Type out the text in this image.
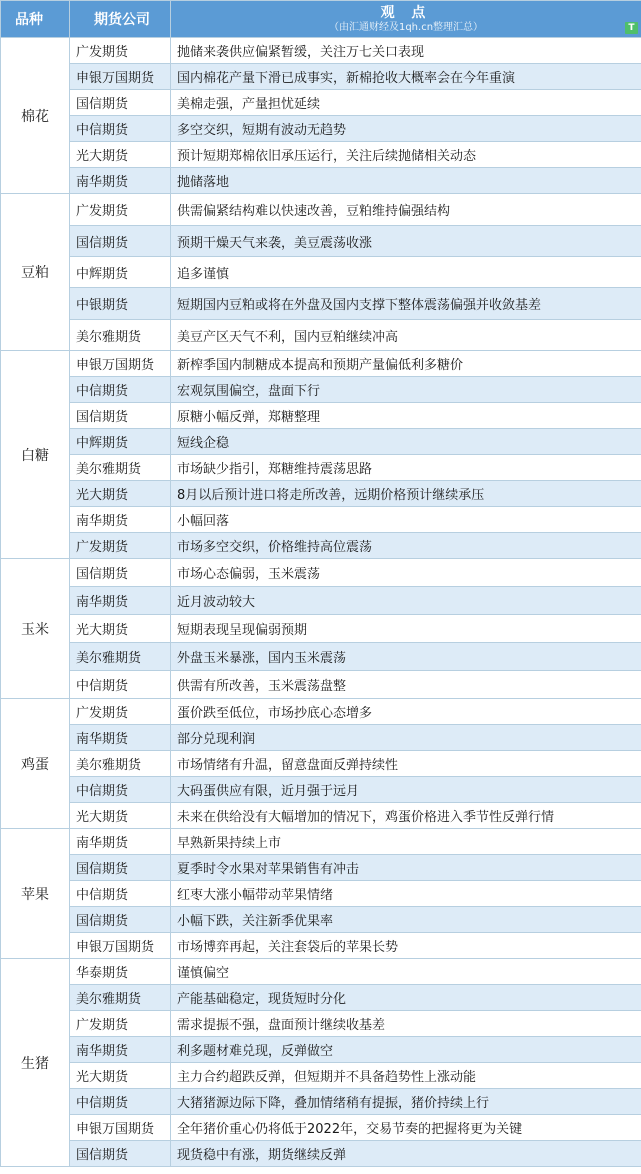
品种	期货公司	观 点
（由汇通财经及1qh.cn整理汇总） T

棉花	广发期货	抛储来袭供应偏紧暂缓，关注万七关口表现
	申银万国期货	国内棉花产量下滑已成事实，新棉抢收大概率会在今年重演
	国信期货	美棉走强，产量担忧延续
	中信期货	多空交织，短期有波动无趋势
	光大期货	预计短期郑棉依旧承压运行，关注后续抛储相关动态
	南华期货	抛储落地
豆粕	广发期货	供需偏紧结构难以快速改善，豆粕维持偏强结构
	国信期货	预期干燥天气来袭，美豆震荡收涨
	中辉期货	追多谨慎
	中银期货	短期国内豆粕或将在外盘及国内支撑下整体震荡偏强并收敛基差
	美尔雅期货	美豆产区天气不利，国内豆粕继续冲高
白糖	申银万国期货	新榨季国内制糖成本提高和预期产量偏低利多糖价
	中信期货	宏观氛围偏空，盘面下行
	国信期货	原糖小幅反弹，郑糖整理
	中辉期货	短线企稳
	美尔雅期货	市场缺少指引，郑糖维持震荡思路
	光大期货	8月以后预计进口将走所改善，远期价格预计继续承压
	南华期货	小幅回落
	广发期货	市场多空交织，价格维持高位震荡
玉米	国信期货	市场心态偏弱，玉米震荡
	南华期货	近月波动较大
	光大期货	短期表现呈现偏弱预期
	美尔雅期货	外盘玉米暴涨，国内玉米震荡
	中信期货	供需有所改善，玉米震荡盘整
鸡蛋	广发期货	蛋价跌至低位，市场抄底心态增多
	南华期货	部分兑现利润
	美尔雅期货	市场情绪有升温，留意盘面反弹持续性
	中信期货	大码蛋供应有限，近月强于远月
	光大期货	未来在供给没有大幅增加的情况下，鸡蛋价格进入季节性反弹行情
苹果	南华期货	早熟新果持续上市
	国信期货	夏季时令水果对苹果销售有冲击
	中信期货	红枣大涨小幅带动苹果情绪
	国信期货	小幅下跌，关注新季优果率
	申银万国期货	市场博弈再起，关注套袋后的苹果长势
生猪	华泰期货	谨慎偏空
	美尔雅期货	产能基础稳定，现货短时分化
	广发期货	需求提振不强，盘面预计继续收基差
	南华期货	利多题材难兑现，反弹做空
	光大期货	主力合约超跌反弹，但短期并不具备趋势性上涨动能
	中信期货	大猪猪源边际下降，叠加情绪稍有提振，猪价持续上行
	申银万国期货	全年猪价重心仍将低于2022年，交易节奏的把握将更为关键
	国信期货	现货稳中有涨，期货继续反弹
